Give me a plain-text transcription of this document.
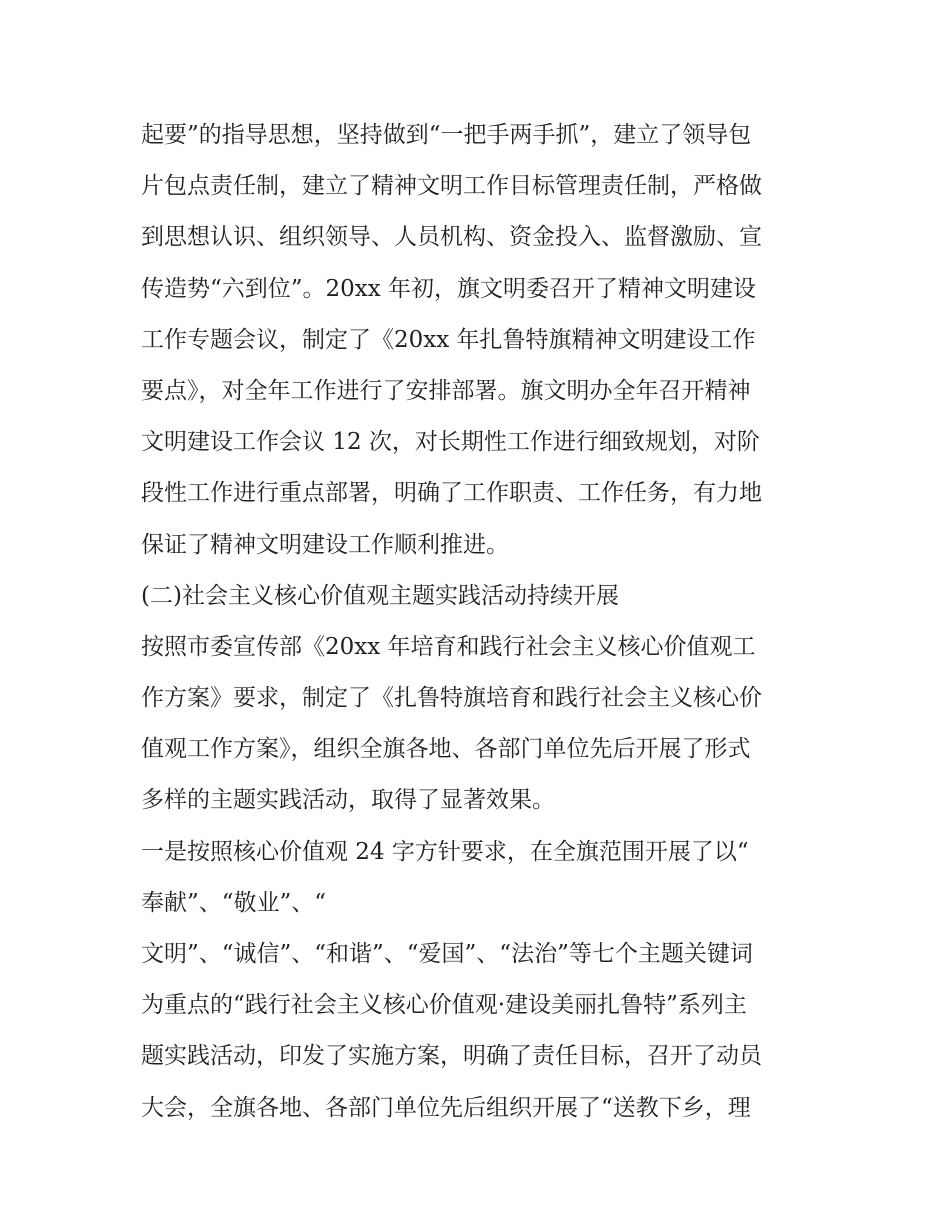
起要”的指导思想，坚持做到“一把手两手抓”，建立了领导包
片包点责任制，建立了精神文明工作目标管理责任制，严格做
到思想认识、组织领导、人员机构、资金投入、监督激励、宣
传造势“六到位”。20xx 年初，旗文明委召开了精神文明建设
工作专题会议，制定了《20xx 年扎鲁特旗精神文明建设工作
要点》，对全年工作进行了安排部署。旗文明办全年召开精神
文明建设工作会议 12 次，对长期性工作进行细致规划，对阶
段性工作进行重点部署，明确了工作职责、工作任务，有力地
保证了精神文明建设工作顺利推进。
(二)社会主义核心价值观主题实践活动持续开展
按照市委宣传部《20xx 年培育和践行社会主义核心价值观工
作方案》要求，制定了《扎鲁特旗培育和践行社会主义核心价
值观工作方案》，组织全旗各地、各部门单位先后开展了形式
多样的主题实践活动，取得了显著效果。
一是按照核心价值观 24 字方针要求，在全旗范围开展了以“
奉献”、“敬业”、“
文明”、“诚信”、“和谐”、“爱国”、“法治”等七个主题关键词
为重点的“践行社会主义核心价值观·建设美丽扎鲁特”系列主
题实践活动，印发了实施方案，明确了责任目标，召开了动员
大会，全旗各地、各部门单位先后组织开展了“送教下乡，理
